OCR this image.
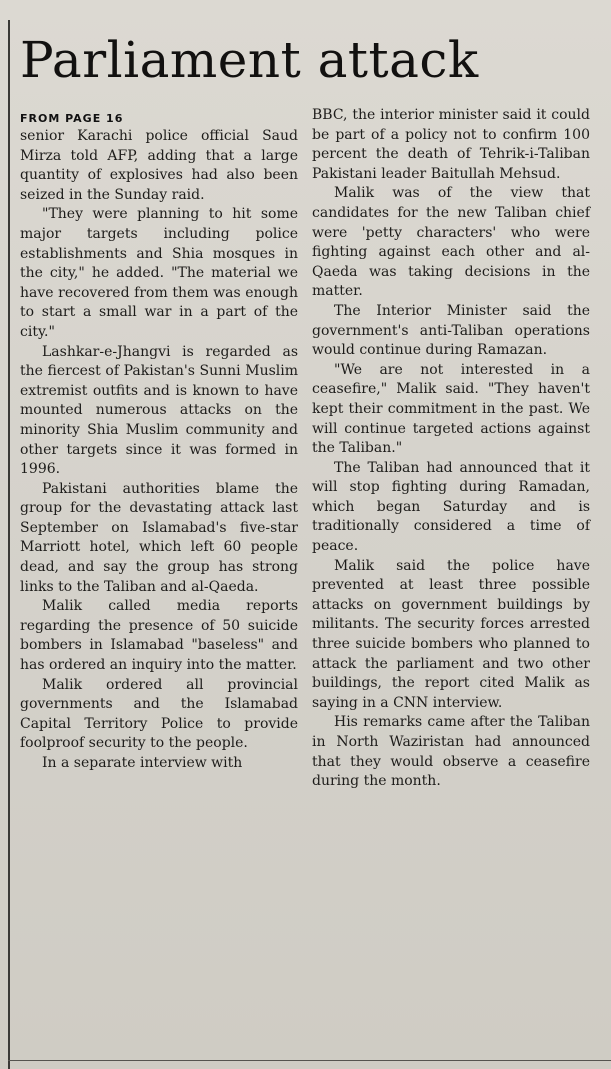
Parliament attack
FROM PAGE 16

senior Karachi police official Saud Mirza told AFP, adding that a large quantity of explosives had also been seized in the Sunday raid.

"They were planning to hit some major targets including police establishments and Shia mosques in the city," he added. "The material we have recovered from them was enough to start a small war in a part of the city."

Lashkar-e-Jhangvi is regarded as the fiercest of Pakistan's Sunni Muslim extremist outfits and is known to have mounted numerous attacks on the minority Shia Muslim community and other targets since it was formed in 1996.

Pakistani authorities blame the group for the devastating attack last September on Islamabad's five-star Marriott hotel, which left 60 people dead, and say the group has strong links to the Taliban and al-Qaeda.

Malik called media reports regarding the presence of 50 suicide bombers in Islamabad "baseless" and has ordered an inquiry into the matter.

Malik ordered all provincial governments and the Islamabad Capital Territory Police to provide foolproof security to the people.

In a separate interview with

BBC, the interior minister said it could be part of a policy not to confirm 100 percent the death of Tehrik-i-Taliban Pakistani leader Baitullah Mehsud.

Malik was of the view that candidates for the new Taliban chief were 'petty characters' who were fighting against each other and al-Qaeda was taking decisions in the matter.

The Interior Minister said the government's anti-Taliban operations would continue during Ramazan.

"We are not interested in a ceasefire," Malik said. "They haven't kept their commitment in the past. We will continue targeted actions against the Taliban."

The Taliban had announced that it will stop fighting during Ramadan, which began Saturday and is traditionally considered a time of peace.

Malik said the police have prevented at least three possible attacks on government buildings by militants. The security forces arrested three suicide bombers who planned to attack the parliament and two other buildings, the report cited Malik as saying in a CNN interview.

His remarks came after the Taliban in North Waziristan had announced that they would observe a ceasefire during the month.
